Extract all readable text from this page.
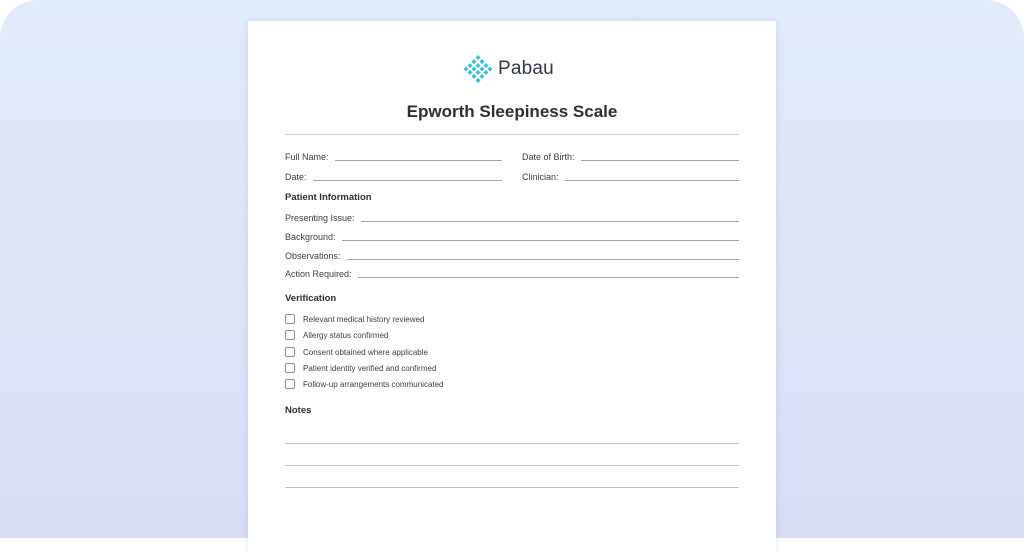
Pabau
Epworth Sleepiness Scale
Full Name:	Date of Birth:
Date:	Clinician:
Patient Information
Presenting Issue:
Background:
Observations:
Action Required:
Verification
Relevant medical history reviewed
Allergy status confirmed
Consent obtained where applicable
Patient identity verified and confirmed
Follow-up arrangements communicated
Notes
